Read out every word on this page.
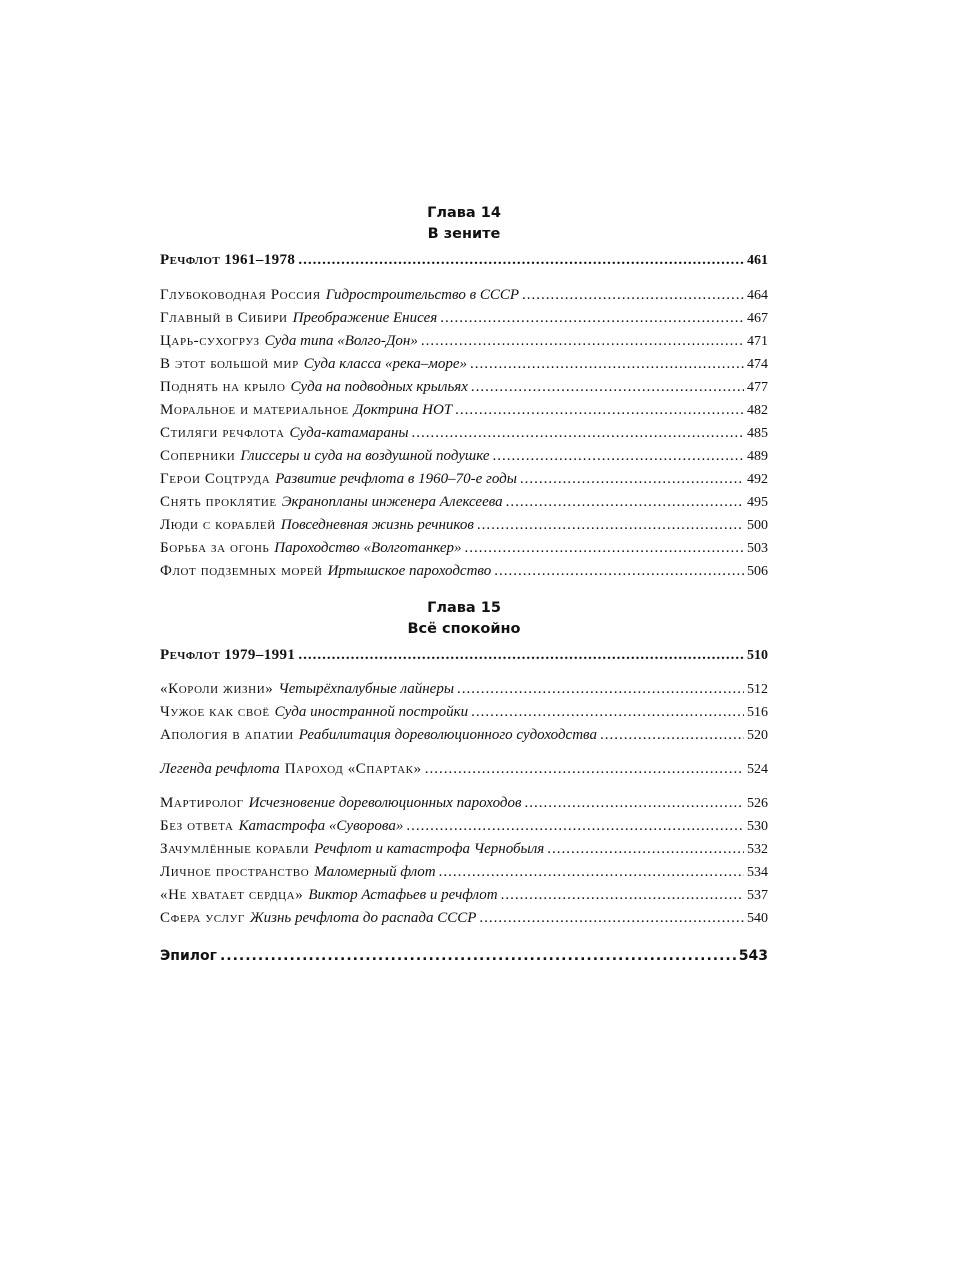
Глава 14
В зените
Речфлот 1961–1978 .....	461
Глубоководная Россия Гидростроительство в СССР .....	464
Главный в Сибири Преображение Енисея .....	467
Царь-сухогруз Суда типа «Волго-Дон» .....	471
В этот большой мир Суда класса «река–море» .....	474
Поднять на крыло Суда на подводных крыльях .....	477
Моральное и материальное Доктрина НОТ .....	482
Стиляги речфлота Суда-катамараны .....	485
Соперники Глиссеры и суда на воздушной подушке .....	489
Герои Соцтруда Развитие речфлота в 1960–70-е годы .....	492
Снять проклятие Экранопланы инженера Алексеева .....	495
Люди с кораблей Повседневная жизнь речников .....	500
Борьба за огонь Пароходство «Волготанкер» .....	503
Флот подземных морей Иртышское пароходство .....	506
Глава 15
Всё спокойно
Речфлот 1979–1991 .....	510
«Короли жизни» Четырёхпалубные лайнеры .....	512
Чужое как своё Суда иностранной постройки .....	516
Апология в апатии Реабилитация дореволюционного судоходства .....	520
Легенда речфлота Пароход «Спартак» .....	524
Мартиролог Исчезновение дореволюционных пароходов .....	526
Без ответа Катастрофа «Суворова» .....	530
Зачумлённые корабли Речфлот и катастрофа Чернобыля .....	532
Личное пространство Маломерный флот .....	534
«Не хватает сердца» Виктор Астафьев и речфлот .....	537
Сфера услуг Жизнь речфлота до распада СССР .....	540
Эпилог .....	543
